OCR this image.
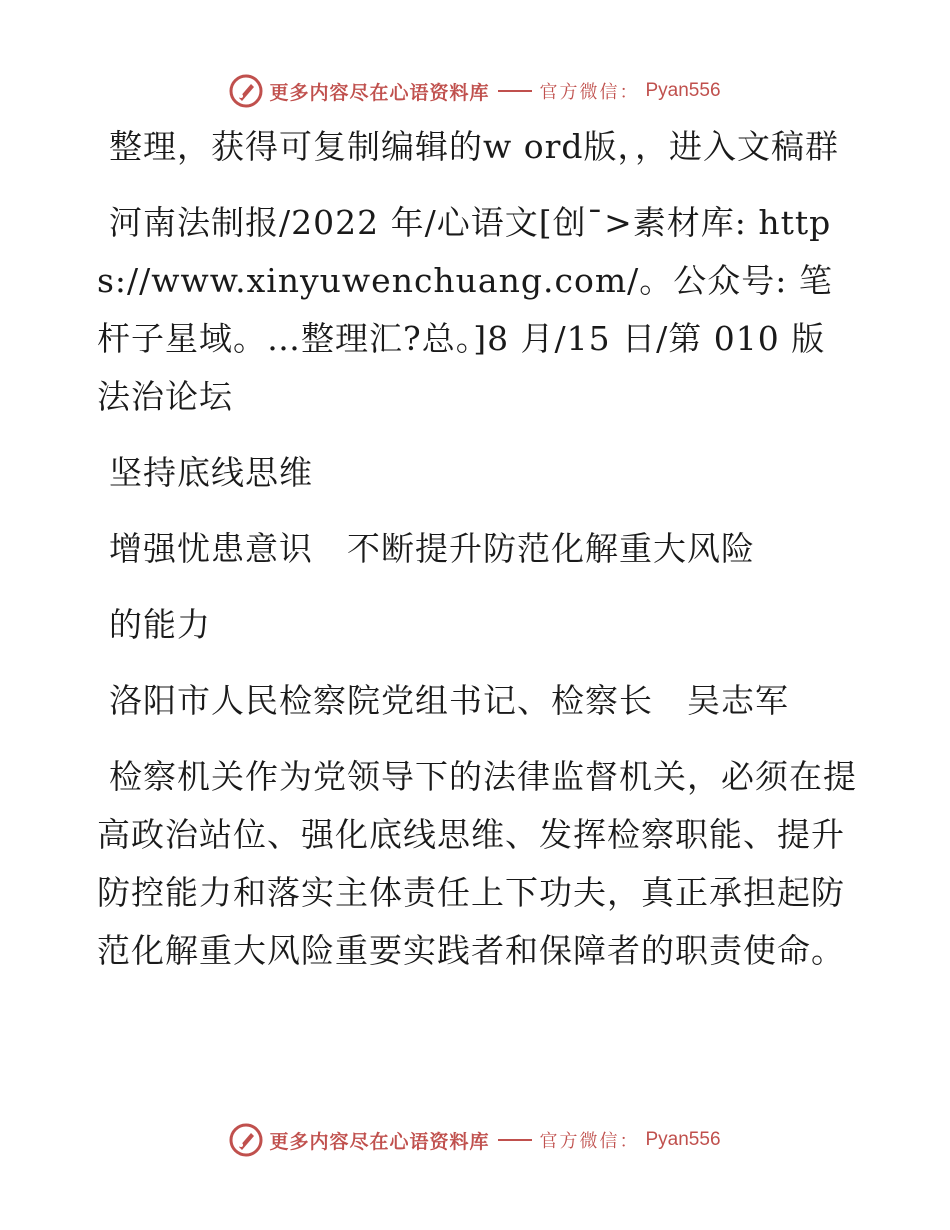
更多内容尽在心语资料库	官方微信： Pyan556

整理，获得可复制编辑的w ord版，，进入文稿群

河南法制报/2022 年/心语文[创¯>素材库: https://www.xinyuwenchuang.com/。公众号: 笔杆子星域。…整理汇?总。]8 月/15 日/第 010 版法治论坛

坚持底线思维

增强忧患意识　不断提升防范化解重大风险

的能力

洛阳市人民检察院党组书记、检察长　吴志军

检察机关作为党领导下的法律监督机关，必须在提高政治站位、强化底线思维、发挥检察职能、提升防控能力和落实主体责任上下功夫，真正承担起防范化解重大风险重要实践者和保障者的职责使命。

更多内容尽在心语资料库	官方微信： Pyan556
